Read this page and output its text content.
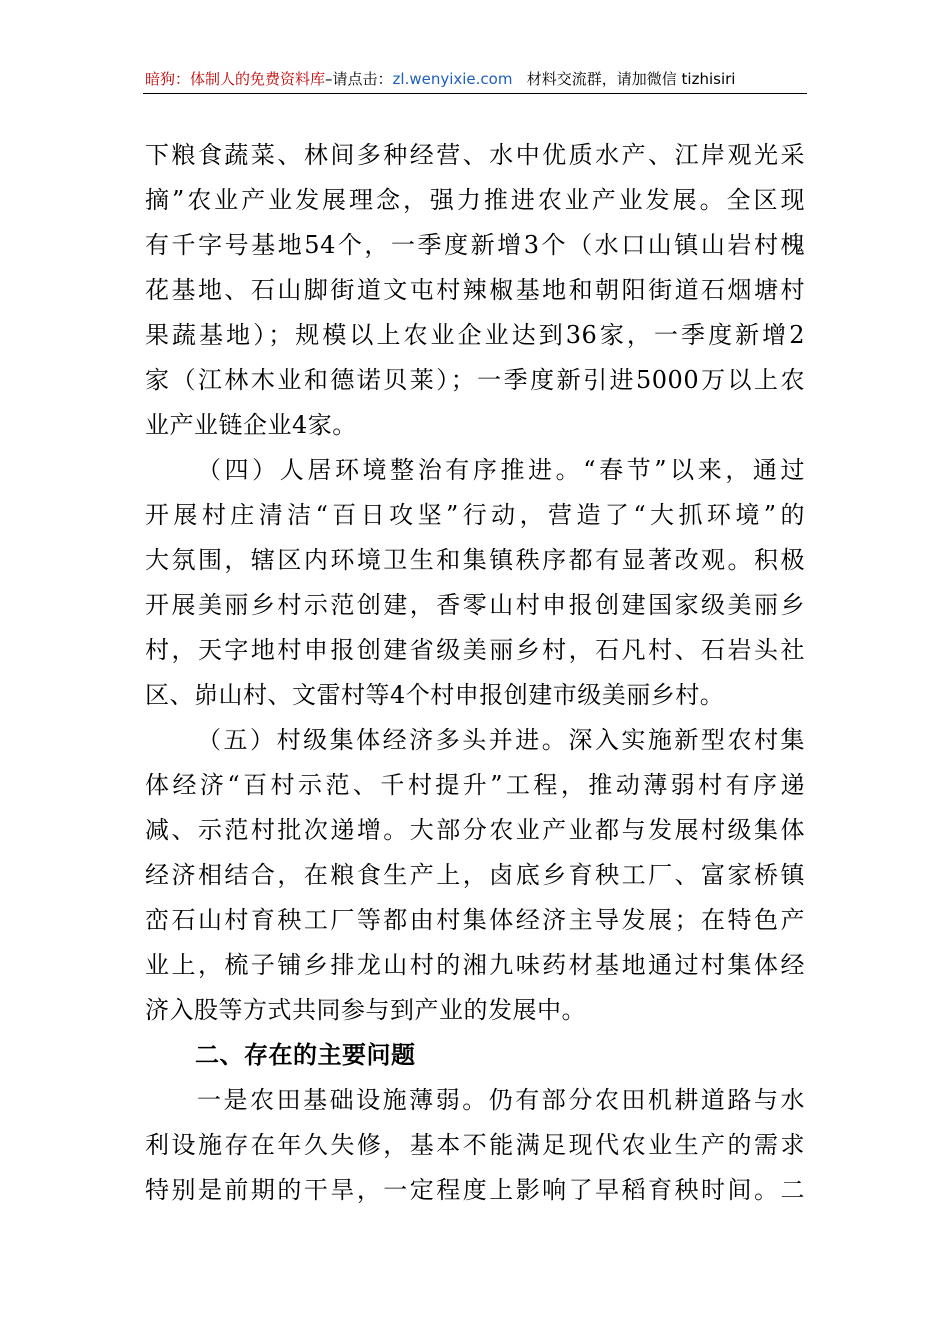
暗狗：体制人的免费资料库–请点击：zl.wenyixie.com 材料交流群，请加微信 tizhisiri
下粮食蔬菜、林间多种经营、水中优质水产、江岸观光采
摘”农业产业发展理念，强力推进农业产业发展。全区现
有千字号基地54个，一季度新增3个（水口山镇山岩村槐
花基地、石山脚街道文屯村辣椒基地和朝阳街道石烟塘村
果蔬基地）；规模以上农业企业达到36家，一季度新增2
家（江林木业和德诺贝莱）；一季度新引进5000万以上农
业产业链企业4家。
（四）人居环境整治有序推进。“春节”以来，通过
开展村庄清洁“百日攻坚”行动，营造了“大抓环境”的
大氛围，辖区内环境卫生和集镇秩序都有显著改观。积极
开展美丽乡村示范创建，香零山村申报创建国家级美丽乡
村，天字地村申报创建省级美丽乡村，石凡村、石岩头社
区、峁山村、文雷村等4个村申报创建市级美丽乡村。
（五）村级集体经济多头并进。深入实施新型农村集
体经济“百村示范、千村提升”工程，推动薄弱村有序递
减、示范村批次递增。大部分农业产业都与发展村级集体
经济相结合，在粮食生产上，卤底乡育秧工厂、富家桥镇
峦石山村育秧工厂等都由村集体经济主导发展；在特色产
业上，梳子铺乡排龙山村的湘九味药材基地通过村集体经
济入股等方式共同参与到产业的发展中。
二、存在的主要问题
一是农田基础设施薄弱。仍有部分农田机耕道路与水
利设施存在年久失修，基本不能满足现代农业生产的需求
特别是前期的干旱，一定程度上影响了早稻育秧时间。二
